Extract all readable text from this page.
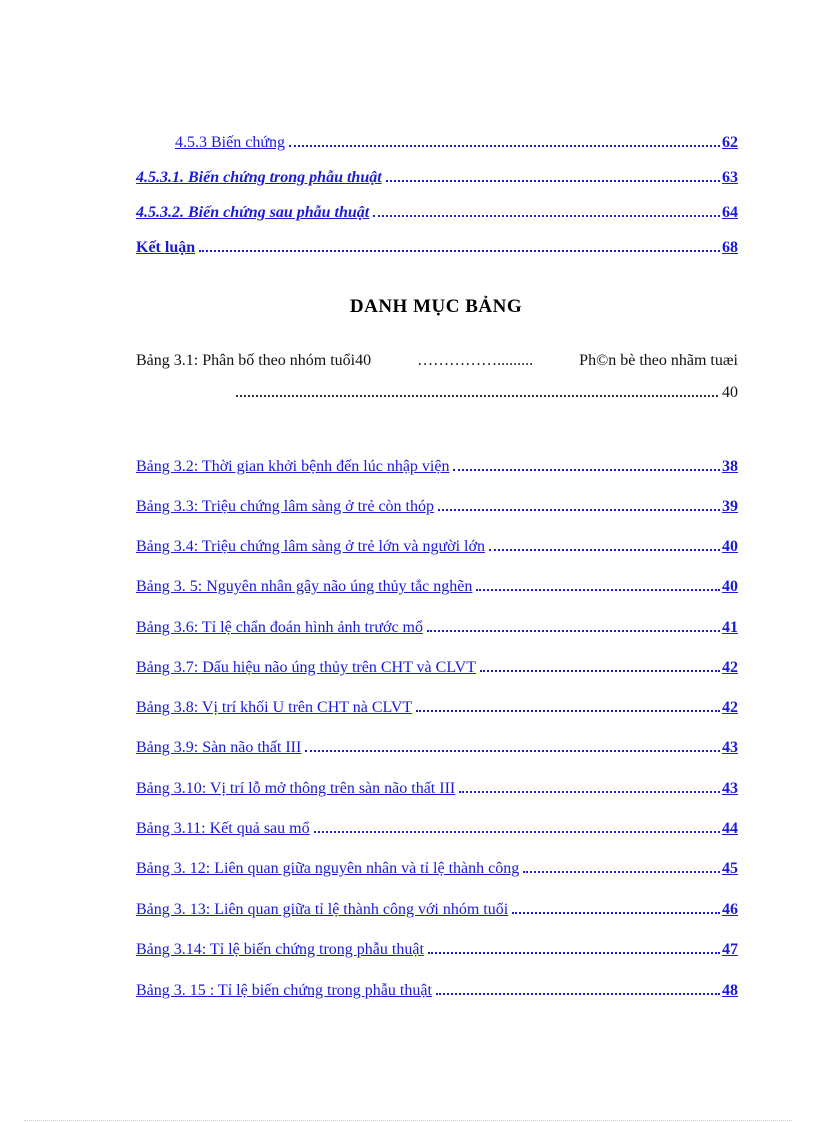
4.5.3 Biến chứng	62
4.5.3.1. Biến chứng trong phẫu thuật	63
4.5.3.2. Biến chứng sau phẫu thuật	64
Kết luận	68
DANH MỤC BẢNG
Bảng 3.1: Phân bố theo nhóm tuổi40	…………….........	Ph©n bè theo nhãm tuæi
40
Bảng 3.2: Thời gian khởi bệnh đến lúc nhập viện	38
Bảng 3.3: Triệu chứng lâm sàng ở trẻ còn thóp	39
Bảng 3.4: Triệu chứng lâm sàng ở trẻ lớn và người lớn	40
Bảng 3. 5: Nguyên nhân gây não úng thủy tắc nghẽn	40
Bảng 3.6: Tỉ lệ chẩn đoán hình ảnh trước mổ	41
Bảng 3.7: Dấu hiệu não úng thủy trên CHT và CLVT	42
Bảng 3.8: Vị trí khối U trên CHT nà CLVT	42
Bảng 3.9: Sàn não thất III	43
Bảng 3.10: Vị trí lỗ mở thông trên sàn não thất III	43
Bảng 3.11: Kết quả sau mổ	44
Bảng 3. 12: Liên quan giữa nguyên nhân và tỉ lệ thành công	45
Bảng 3. 13: Liên quan giữa tỉ lệ thành công với nhóm tuổi	46
Bảng 3.14: Tỉ lệ biến chứng trong phẫu thuật	47
Bảng 3. 15 : Tỉ lệ biến chứng trong phẫu thuật	48
